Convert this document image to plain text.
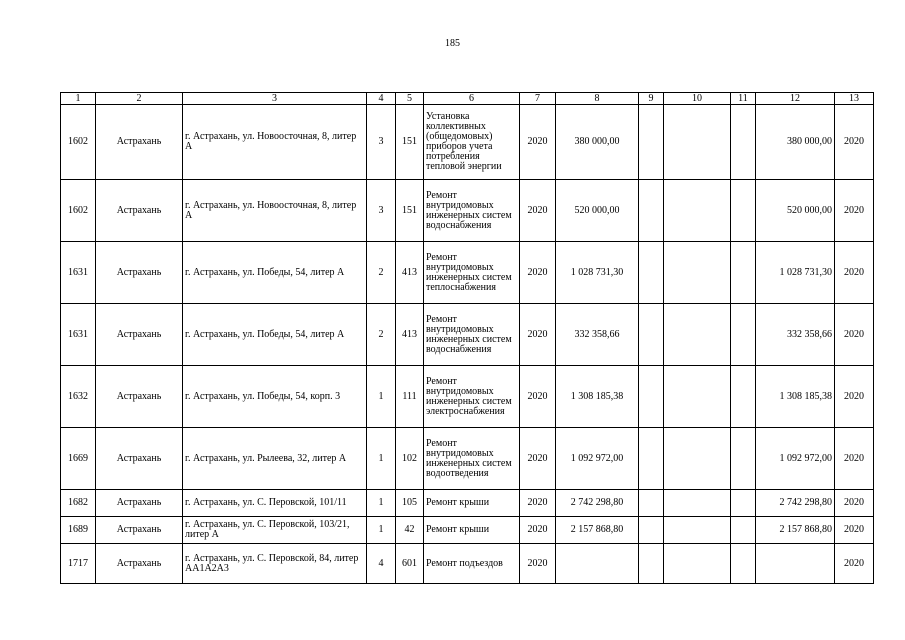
185
1	2	3	4	5	6	7	8	9	10	11	12	13
1602	Астрахань	г. Астрахань, ул. Новоосточная, 8, литер А	3	151	Установка коллективных (общедомовых) приборов учета потребления тепловой энергии	2020	380 000,00				380 000,00	2020
1602	Астрахань	г. Астрахань, ул. Новоосточная, 8, литер А	3	151	Ремонт внутридомовых инженерных систем водоснабжения	2020	520 000,00				520 000,00	2020
1631	Астрахань	г. Астрахань, ул. Победы, 54, литер А	2	413	Ремонт внутридомовых инженерных систем теплоснабжения	2020	1 028 731,30				1 028 731,30	2020
1631	Астрахань	г. Астрахань, ул. Победы, 54, литер А	2	413	Ремонт внутридомовых инженерных систем водоснабжения	2020	332 358,66				332 358,66	2020
1632	Астрахань	г. Астрахань, ул. Победы, 54, корп. 3	1	111	Ремонт внутридомовых инженерных систем электроснабжения	2020	1 308 185,38				1 308 185,38	2020
1669	Астрахань	г. Астрахань, ул. Рылеева, 32, литер А	1	102	Ремонт внутридомовых инженерных систем водоотведения	2020	1 092 972,00				1 092 972,00	2020
1682	Астрахань	г. Астрахань, ул. С. Перовской, 101/11	1	105	Ремонт крыши	2020	2 742 298,80				2 742 298,80	2020
1689	Астрахань	г. Астрахань, ул. С. Перовской, 103/21, литер А	1	42	Ремонт крыши	2020	2 157 868,80				2 157 868,80	2020
1717	Астрахань	г. Астрахань, ул. С. Перовской, 84, литер АА1А2А3	4	601	Ремонт подъездов	2020						2020
